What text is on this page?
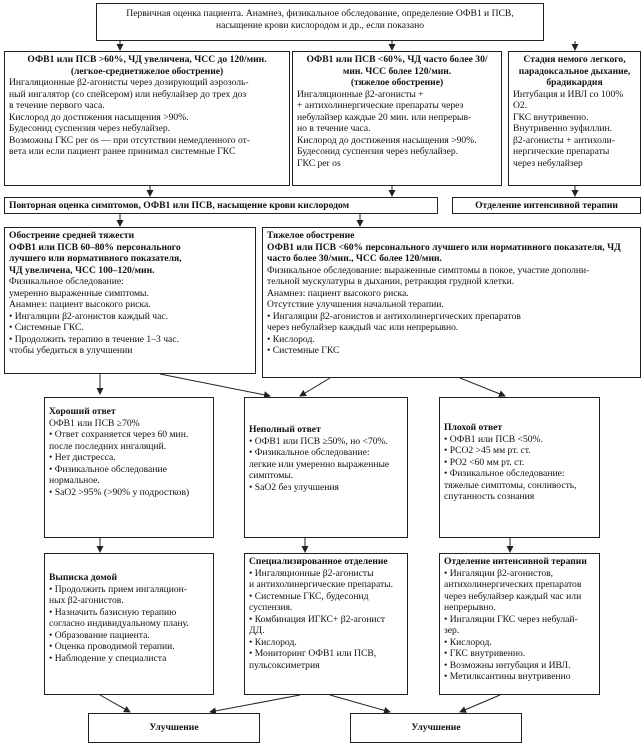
Первичная оценка пациента. Анамнез, физикальное обследование, определение ОФВ1 и ПСВ,
насыщение крови кислородом и др., если показано
ОФВ1 или ПСВ >60%, ЧД увеличена, ЧСС до 120/мин.
(легкое-среднетяжелое обострение)
Ингаляционные β2-агонисты через дозирующий аэрозоль-
ный ингалятор (со спейсером) или небулайзер до трех доз
в течение первого часа.
Кислород до достижения насыщения >90%.
Будесонид суспензия через небулайзер.
Возможны ГКС per os — при отсутствии немедленного от-
вета или если пациент ранее принимал системные ГКС
ОФВ1 или ПСВ <60%, ЧД часто более 30/
мин. ЧСС более 120/мин.
(тяжелое обострение)
Ингаляционные β2-агонисты +
+ антихолинергические препараты через
небулайзер каждые 20 мин. или непрерыв-
но в течение часа.
Кислород до достижения насыщения >90%.
Будесонид суспензия через небулайзер.
ГКС per os
Стадия немого легкого,
парадоксальное дыхание,
брадикардия
Интубация и ИВЛ со 100%
O2.
ГКС внутривенно.
Внутривенно эуфиллин.
β2-агонисты + антихоли-
нергические препараты
через небулайзер
Повторная оценка симптомов, ОФВ1 или ПСВ, насыщение крови кислородом	Отделение интенсивной терапии
Обострение средней тяжести
ОФВ1 или ПСВ 60–80% персонального
лучшего или нормативного показателя,
ЧД увеличена, ЧСС 100–120/мин.
Физикальное обследование:
умеренно выраженные симптомы.
Анамнез: пациент высокого риска.
• Ингаляции β2-агонистов каждый час.
• Системные ГКС.
• Продолжить терапию в течение 1–3 час.
чтобы убедиться в улучшении
Тяжелое обострение
ОФВ1 или ПСВ <60% персонального лучшего или нормативного показателя, ЧД
часто более 30/мин., ЧСС более 120/мин.
Физикальное обследование: выраженные симптомы в покое, участие дополни-
тельной мускулатуры в дыхании, ретракция грудной клетки.
Анамнез: пациент высокого риска.
Отсутствие улучшения начальной терапии.
• Ингаляции β2-агонистов и антихолинергических препаратов
через небулайзер каждый час или непрерывно.
• Кислород.
• Системные ГКС
Хороший ответ
ОФВ1 или ПСВ ≥70%
• Ответ сохраняется через 60 мин.
после последних ингаляций.
• Нет дистресса.
• Физикальное обследование
нормальное.
• SaO2 >95% (>90% у подростков)
Неполный ответ
• ОФВ1 или ПСВ ≥50%, но <70%.
• Физикальное обследование:
легкие или умеренно выраженные
симптомы.
• SaO2 без улучшения
Плохой ответ
• ОФВ1 или ПСВ <50%.
• PCO2 >45 мм рт. ст.
• PO2 <60 мм рт. ст.
• Физикальное обследование:
тяжелые симптомы, сонливость,
спутанность сознания
Выписка домой
• Продолжить прием ингаляцион-
ных β2-агонистов.
• Назначить базисную терапию
согласно индивидуальному плану.
• Образование пациента.
• Оценка проводимой терапии.
• Наблюдение у специалиста
Специализированное отделение
• Ингаляционные β2-агонисты
и антихолинергические препараты.
• Системные ГКС, будесонид
суспензия.
• Комбинация ИГКС+ β2-агонист
ДД.
• Кислород.
• Мониторинг ОФВ1 или ПСВ,
пульсоксиметрия
Отделение интенсивной терапии
• Ингаляции β2-агонистов,
антихолинергических препаратов
через небулайзер каждый час или
непрерывно.
• Ингаляции ГКС через небулай-
зер.
• Кислород.
• ГКС внутривенно.
• Возможны интубация и ИВЛ.
• Метилксантины внутривенно
Улучшение	Улучшение
